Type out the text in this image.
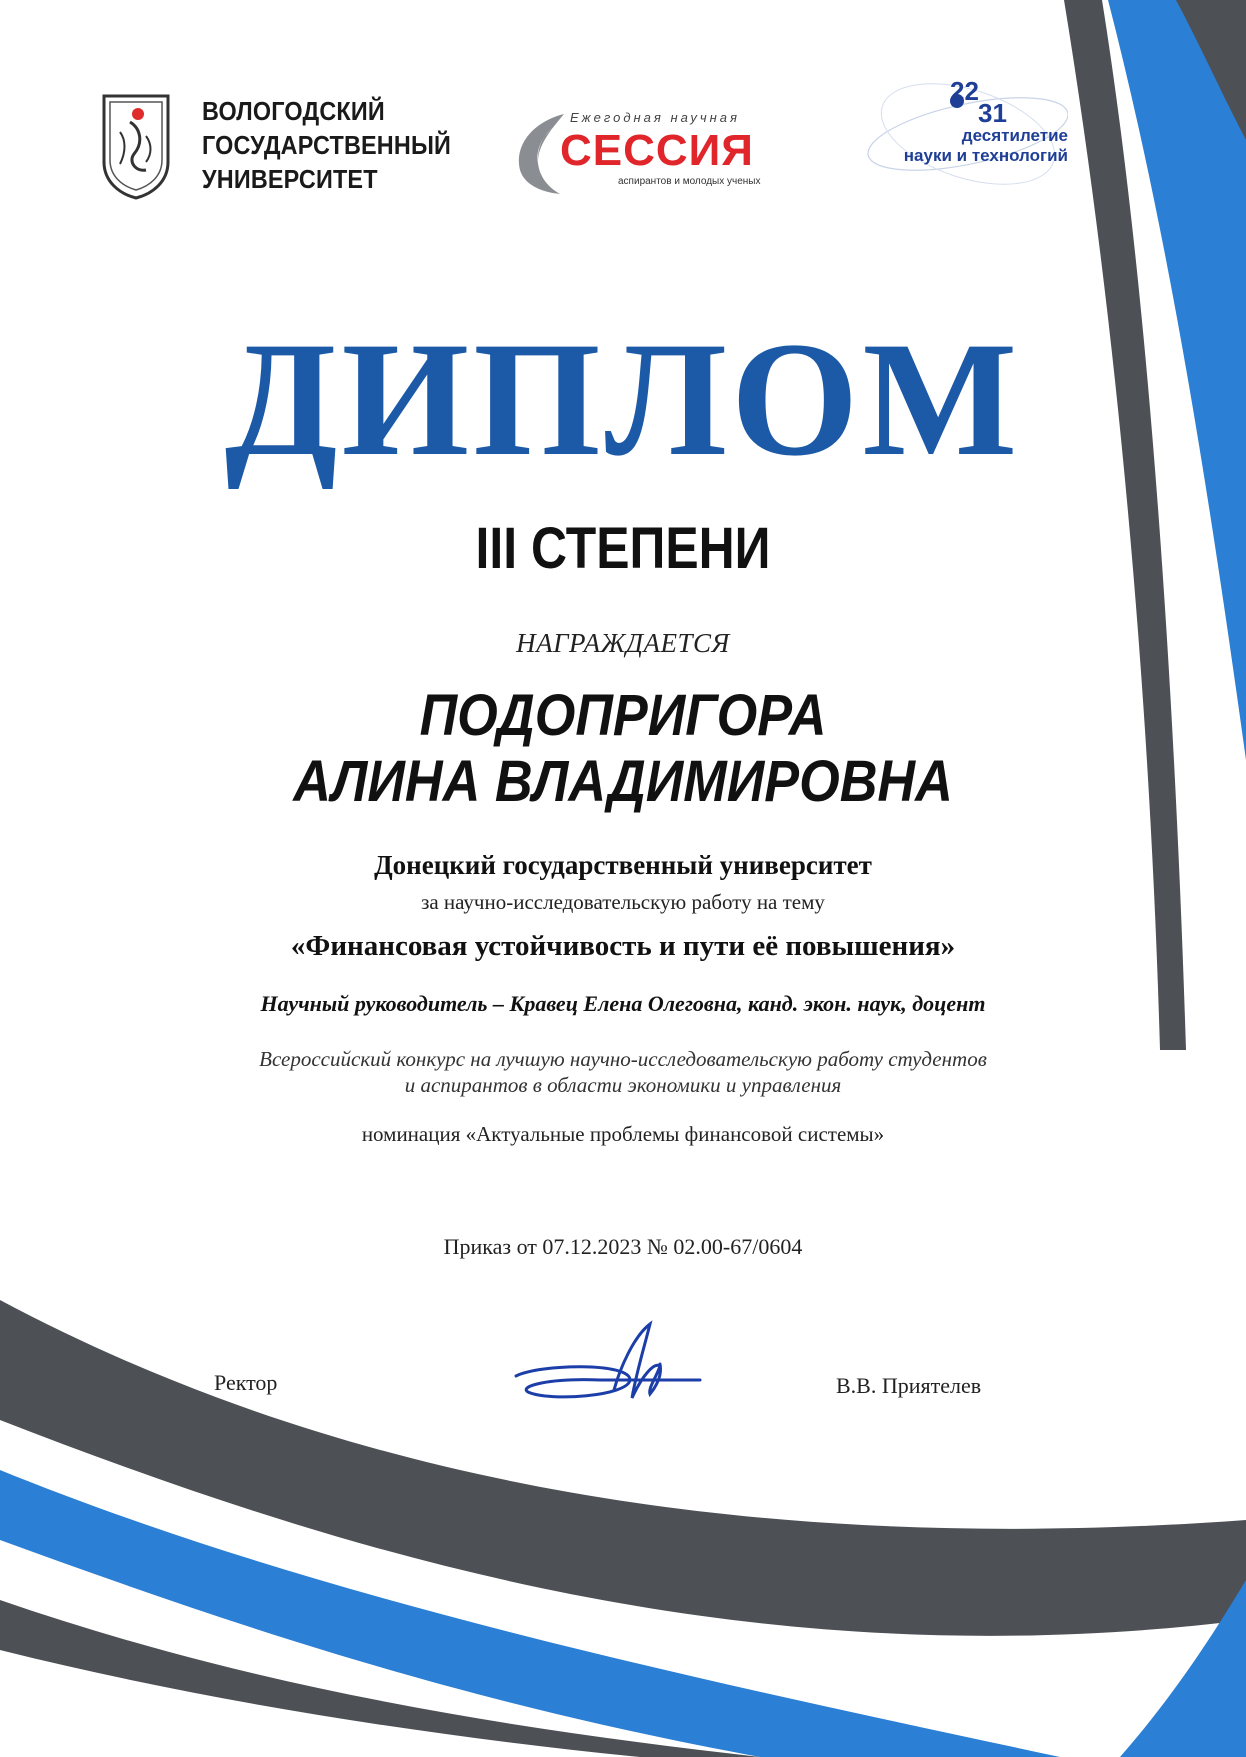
ВОЛОГОДСКИЙ
ГОСУДАРСТВЕННЫЙ
УНИВЕРСИТЕТ
Ежегодная научная
СЕССИЯ
аспирантов и молодых ученых
22
31
десятилетие
науки и технологий
ДИПЛОМ
III СТЕПЕНИ
НАГРАЖДАЕТСЯ
ПОДОПРИГОРА
АЛИНА ВЛАДИМИРОВНА
Донецкий государственный университет
за научно-исследовательскую работу на тему
«Финансовая устойчивость и пути её повышения»
Научный руководитель – Кравец Елена Олеговна, канд. экон. наук, доцент
Всероссийский конкурс на лучшую научно-исследовательскую работу студентов
и аспирантов в области экономики и управления
номинация «Актуальные проблемы финансовой системы»
Приказ от 07.12.2023 № 02.00-67/0604
Ректор	В.В. Приятелев
